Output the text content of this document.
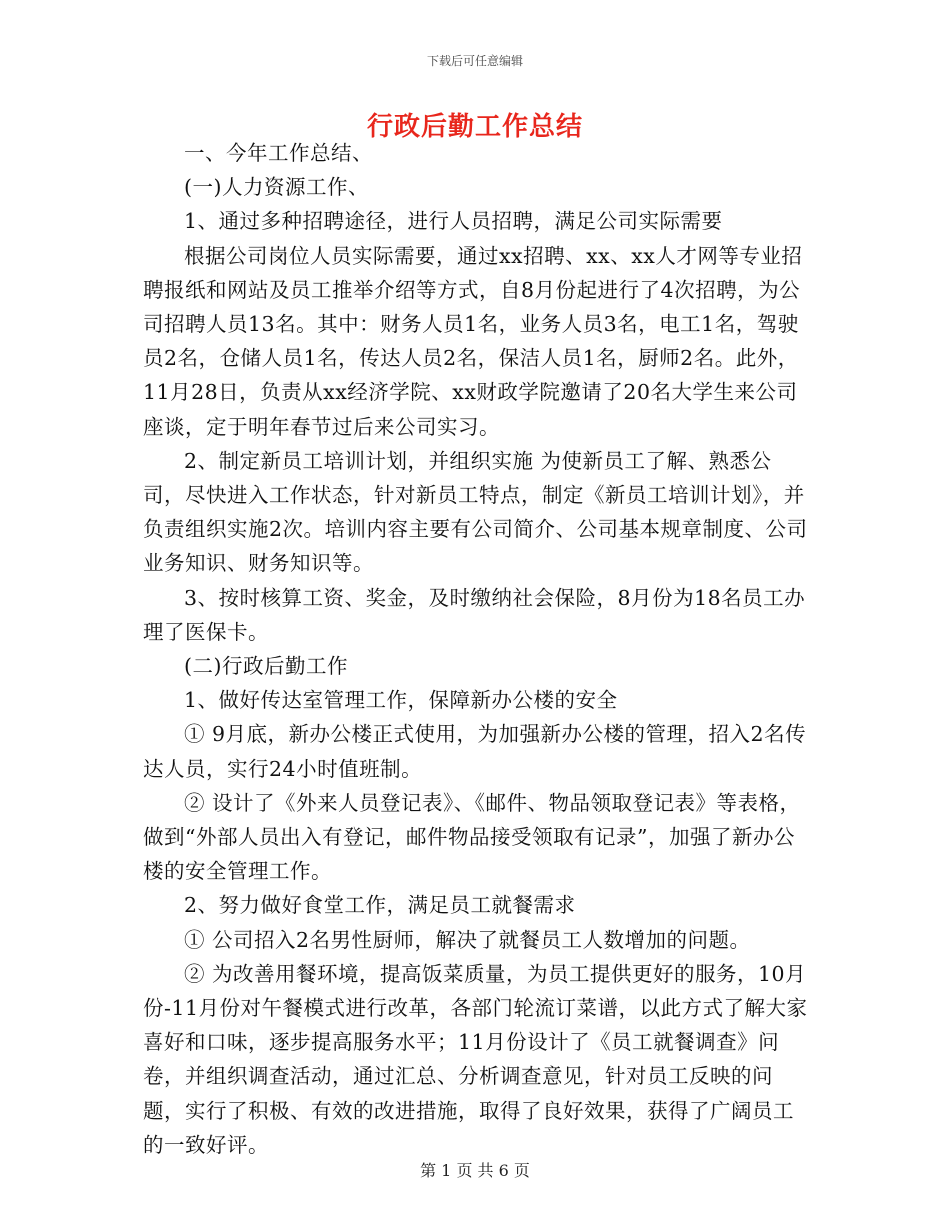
下载后可任意编辑
行政后勤工作总结

一、今年工作总结、

(一)人力资源工作、

1、通过多种招聘途径，进行人员招聘，满足公司实际需要

根据公司岗位人员实际需要，通过xx招聘、xx、xx人才网等专业招聘报纸和网站及员工推举介绍等方式，自8月份起进行了4次招聘，为公司招聘人员13名。其中：财务人员1名，业务人员3名，电工1名，驾驶员2名，仓储人员1名，传达人员2名，保洁人员1名，厨师2名。此外，11月28日，负责从xx经济学院、xx财政学院邀请了20名大学生来公司座谈，定于明年春节过后来公司实习。

2、制定新员工培训计划，并组织实施 为使新员工了解、熟悉公司，尽快进入工作状态，针对新员工特点，制定《新员工培训计划》，并负责组织实施2次。培训内容主要有公司简介、公司基本规章制度、公司业务知识、财务知识等。

3、按时核算工资、奖金，及时缴纳社会保险，8月份为18名员工办理了医保卡。

(二)行政后勤工作

1、做好传达室管理工作，保障新办公楼的安全

① 9月底，新办公楼正式使用，为加强新办公楼的管理，招入2名传达人员，实行24小时值班制。

② 设计了《外来人员登记表》、《邮件、物品领取登记表》等表格，做到“外部人员出入有登记，邮件物品接受领取有记录”，加强了新办公楼的安全管理工作。

2、努力做好食堂工作，满足员工就餐需求

① 公司招入2名男性厨师，解决了就餐员工人数增加的问题。

② 为改善用餐环境，提高饭菜质量，为员工提供更好的服务，10月份-11月份对午餐模式进行改革，各部门轮流订菜谱，以此方式了解大家喜好和口味，逐步提高服务水平；11月份设计了《员工就餐调查》问卷，并组织调查活动，通过汇总、分析调查意见，针对员工反映的问题，实行了积极、有效的改进措施，取得了良好效果，获得了广阔员工的一致好评。

第 1 页 共 6 页
